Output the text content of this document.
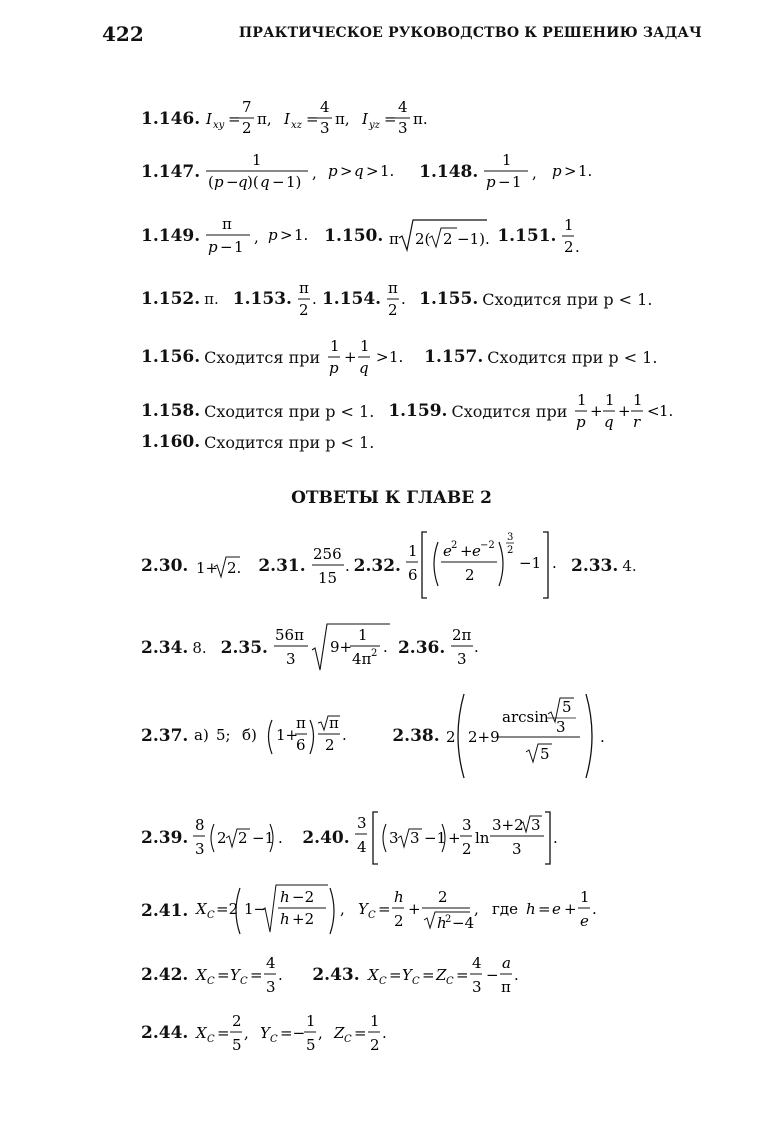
422	ПРАКТИЧЕСКОЕ РУКОВОДСТВО К РЕШЕНИЮ ЗАДАЧ
1.146. I xy =
7
2 π, I xz =
4
3 π, I yz =
4
3 π.
1.147.
1
( p − q )( q − 1) , p > q > 1. 1.148.
1
p − 1 , p > 1.
1.149.
π
p − 1
, p > 1. 1.150. π 2( 2 −1). 1.151.
1
2 .
1.152. π. 1.153.
π
2
. 1.154.
π
2
. 1.155. Сходится при p < 1.
1.156. Сходится при
1
p
+
1
q
> 1. 1.157. Сходится при p < 1.
1.158. Сходится при p < 1. 1.159. Сходится при
1
p
+
1
q
+
1
r
< 1.
1.160. Сходится при p < 1.
ОТВЕТЫ К ГЛАВЕ 2
2.30. 1+ 2. 2.31.
256
15
. 2.32.
1
6
e 2 + e −2
2
3
2
−1 . 2.33. 4.
2.34. 8. 2.35.
56π
3
9+
1
4π 2 . 2.36.
2π
3
.
2.37. а) 5; б) 1+
π
6
π
2
.	2.38. 2 2+9
arcsin
5
3
5
.
2.39.
8
3
2 2 −1 . 2.40.
3
4 3 3 −1 +
3
2
ln
3+2 3
3
.
2.41. X C =2 1−
h −2
h +2
, Y C =
h
2
+
2
h
2 −4
, где h = e +
1
e
.
2.42. X C = Y C =
4
3
. 2.43. X C = Y C = Z C =
4
3
−
a
π
.
2.44. X C =
2
5
, Y C =−
1
5
, Z C =
1
2
.
